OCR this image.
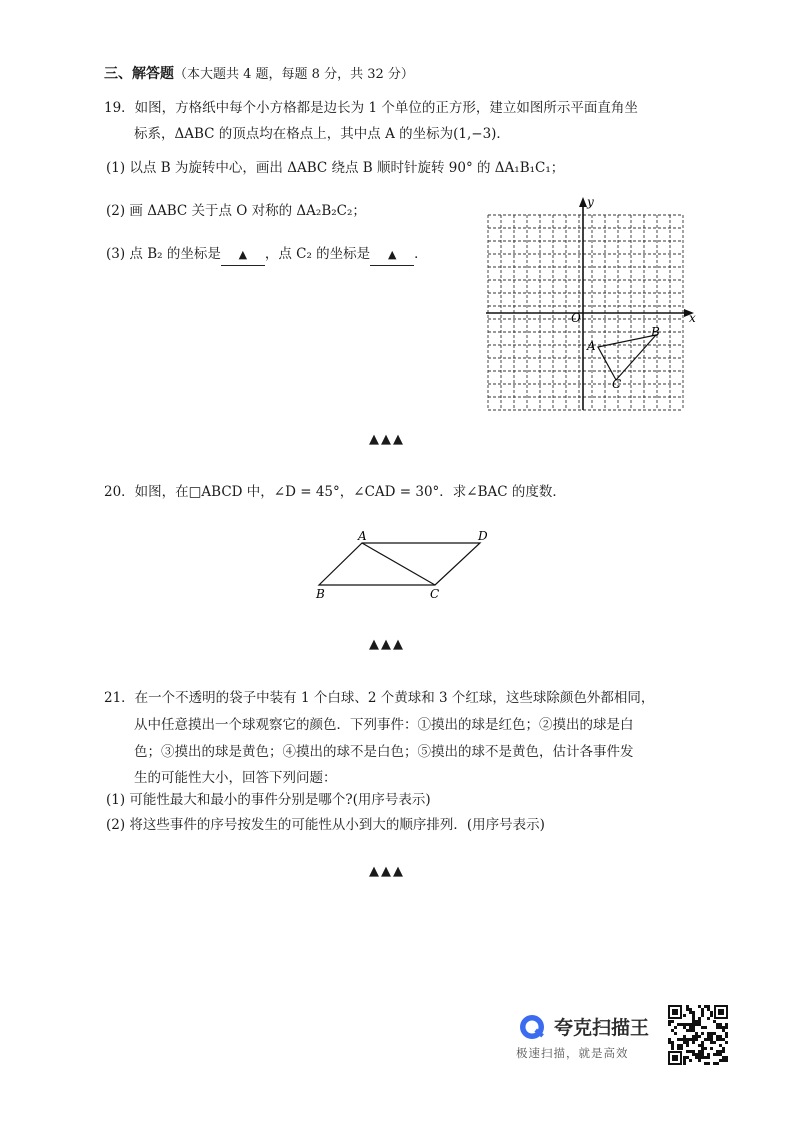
三、解答题（本大题共 4 题，每题 8 分，共 32 分）
19．如图，方格纸中每个小方格都是边长为 1 个单位的正方形，建立如图所示平面直角坐
标系，ΔABC 的顶点均在格点上，其中点 A 的坐标为(1,−3)．
(1) 以点 B 为旋转中心，画出 ΔABC 绕点 B 顺时针旋转 90° 的 ΔA₁B₁C₁；
(2) 画 ΔABC 关于点 O 对称的 ΔA₂B₂C₂；
(3) 点 B₂ 的坐标是 ▲ ，点 C₂ 的坐标是 ▲ ．
y
x
O
A
B
C
▲▲▲
20．如图，在□ABCD 中，∠D = 45°，∠CAD = 30°．求∠BAC 的度数．
A	D
B	C
▲▲▲
21．在一个不透明的袋子中装有 1 个白球、2 个黄球和 3 个红球，这些球除颜色外都相同，
从中任意摸出一个球观察它的颜色．下列事件：①摸出的球是红色；②摸出的球是白
色；③摸出的球是黄色；④摸出的球不是白色；⑤摸出的球不是黄色，估计各事件发
生的可能性大小，回答下列问题：
(1) 可能性最大和最小的事件分别是哪个?(用序号表示)
(2) 将这些事件的序号按发生的可能性从小到大的顺序排列．(用序号表示)
▲▲▲
夸克扫描王
极速扫描，就是高效
